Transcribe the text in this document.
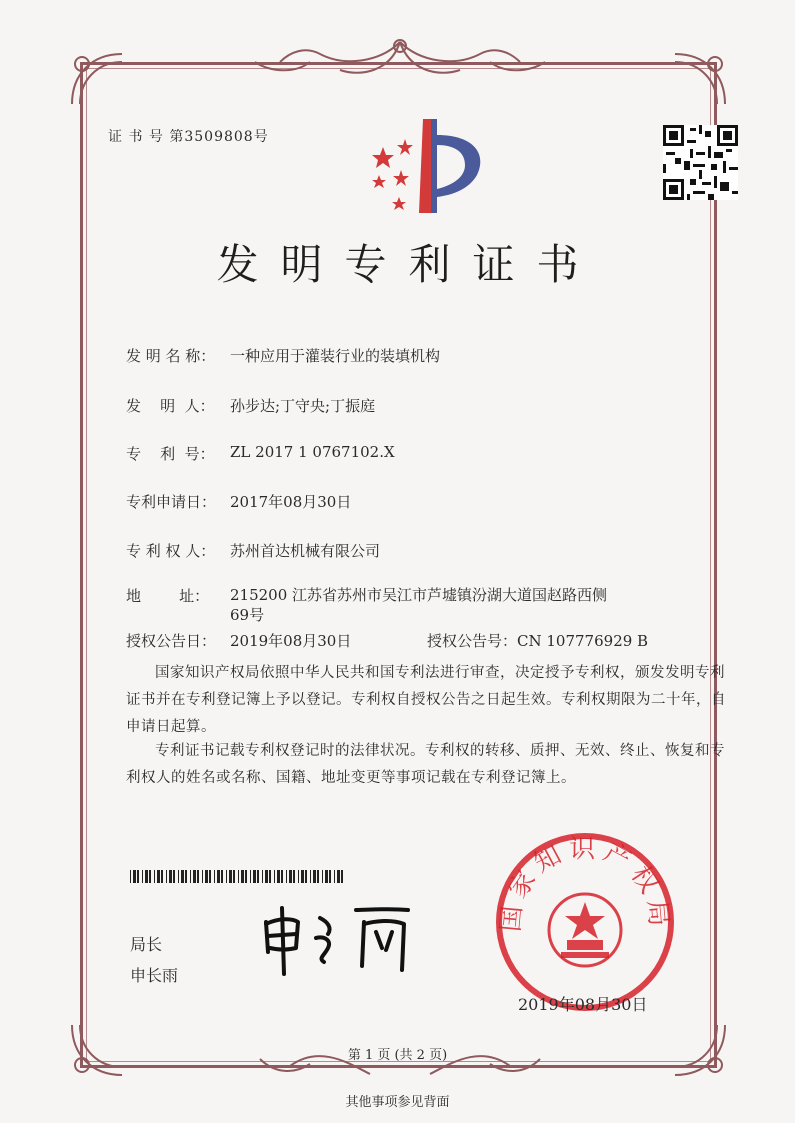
证 书 号 第3509808号
发明专利证书
发 明 名 称： 一种应用于灌装行业的装填机构
发    明  人： 孙步达;丁守央;丁振庭
专    利  号： ZL 2017 1 0767102.X
专利申请日： 2017年08月30日
专 利 权 人： 苏州首达机械有限公司
地        址： 215200 江苏省苏州市吴江市芦墟镇汾湖大道国赵路西侧69号
授权公告日： 2019年08月30日	授权公告号：CN 107776929 B
国家知识产权局依照中华人民共和国专利法进行审查，决定授予专利权，颁发发明专利证书并在专利登记簿上予以登记。专利权自授权公告之日起生效。专利权期限为二十年，自申请日起算。
专利证书记载专利权登记时的法律状况。专利权的转移、质押、无效、终止、恢复和专利权人的姓名或名称、国籍、地址变更等事项记载在专利登记簿上。
局长
申长雨
国家知识产权局
2019年08月30日
第 1 页 (共 2 页)
其他事项参见背面
